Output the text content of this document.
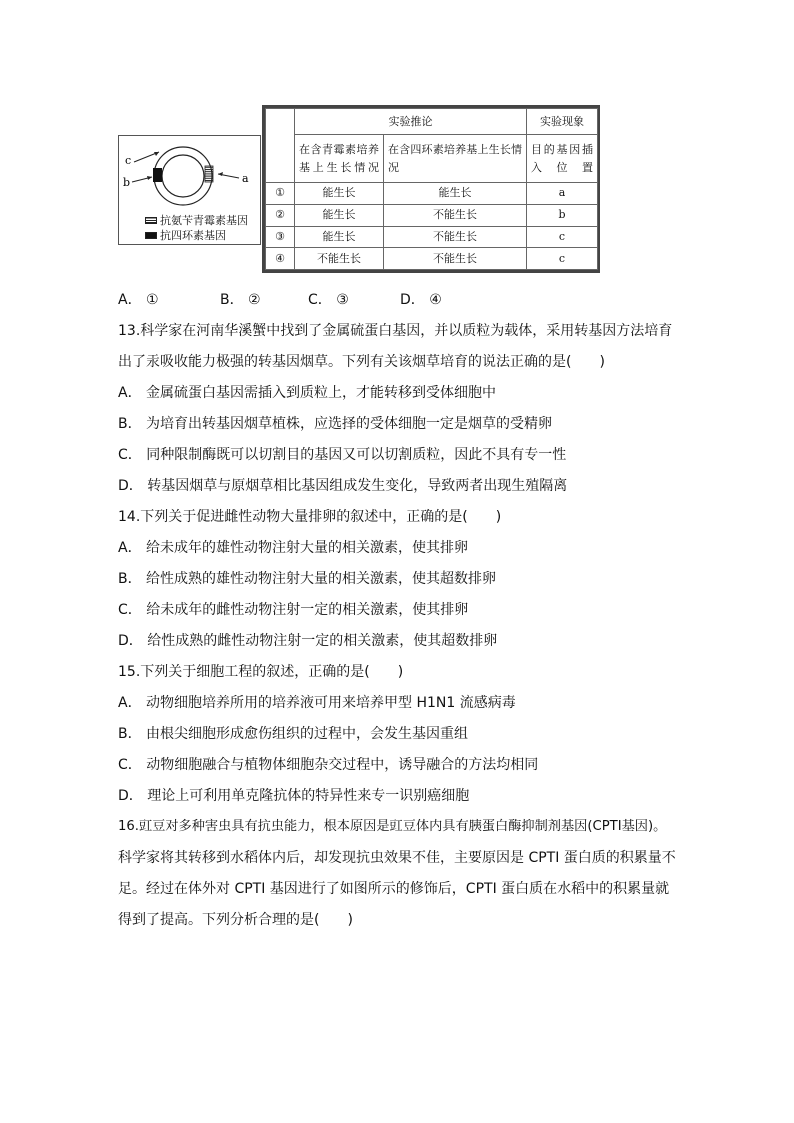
c
b	a
抗氨苄青霉素基因
抗四环素基因
	实验推论		实验现象
	在含青霉素培养基上生长情况	在含四环素培养基上生长情况	目的基因插入位置
①	能生长	能生长	a
②	能生长	不能生长	b
③	能生长	不能生长	c
④	不能生长	不能生长	c
A． ①	B． ②	C． ③	D． ④
13.科学家在河南华溪蟹中找到了金属硫蛋白基因，并以质粒为载体，采用转基因方法培育
出了汞吸收能力极强的转基因烟草。下列有关该烟草培育的说法正确的是(　　)
A． 金属硫蛋白基因需插入到质粒上，才能转移到受体细胞中
B． 为培育出转基因烟草植株，应选择的受体细胞一定是烟草的受精卵
C． 同种限制酶既可以切割目的基因又可以切割质粒，因此不具有专一性
D． 转基因烟草与原烟草相比基因组成发生变化，导致两者出现生殖隔离
14.下列关于促进雌性动物大量排卵的叙述中，正确的是(　　)
A． 给未成年的雄性动物注射大量的相关激素，使其排卵
B． 给性成熟的雄性动物注射大量的相关激素，使其超数排卵
C． 给未成年的雌性动物注射一定的相关激素，使其排卵
D． 给性成熟的雌性动物注射一定的相关激素，使其超数排卵
15.下列关于细胞工程的叙述，正确的是(　　)
A． 动物细胞培养所用的培养液可用来培养甲型 H1N1 流感病毒
B． 由根尖细胞形成愈伤组织的过程中，会发生基因重组
C． 动物细胞融合与植物体细胞杂交过程中，诱导融合的方法均相同
D． 理论上可利用单克隆抗体的特异性来专一识别癌细胞
16.豇豆对多种害虫具有抗虫能力，根本原因是豇豆体内具有胰蛋白酶抑制剂基因(CPTI基因)。
科学家将其转移到水稻体内后，却发现抗虫效果不佳，主要原因是 CPTI 蛋白质的积累量不
足。经过在体外对 CPTI 基因进行了如图所示的修饰后，CPTI 蛋白质在水稻中的积累量就
得到了提高。下列分析合理的是(　　)
